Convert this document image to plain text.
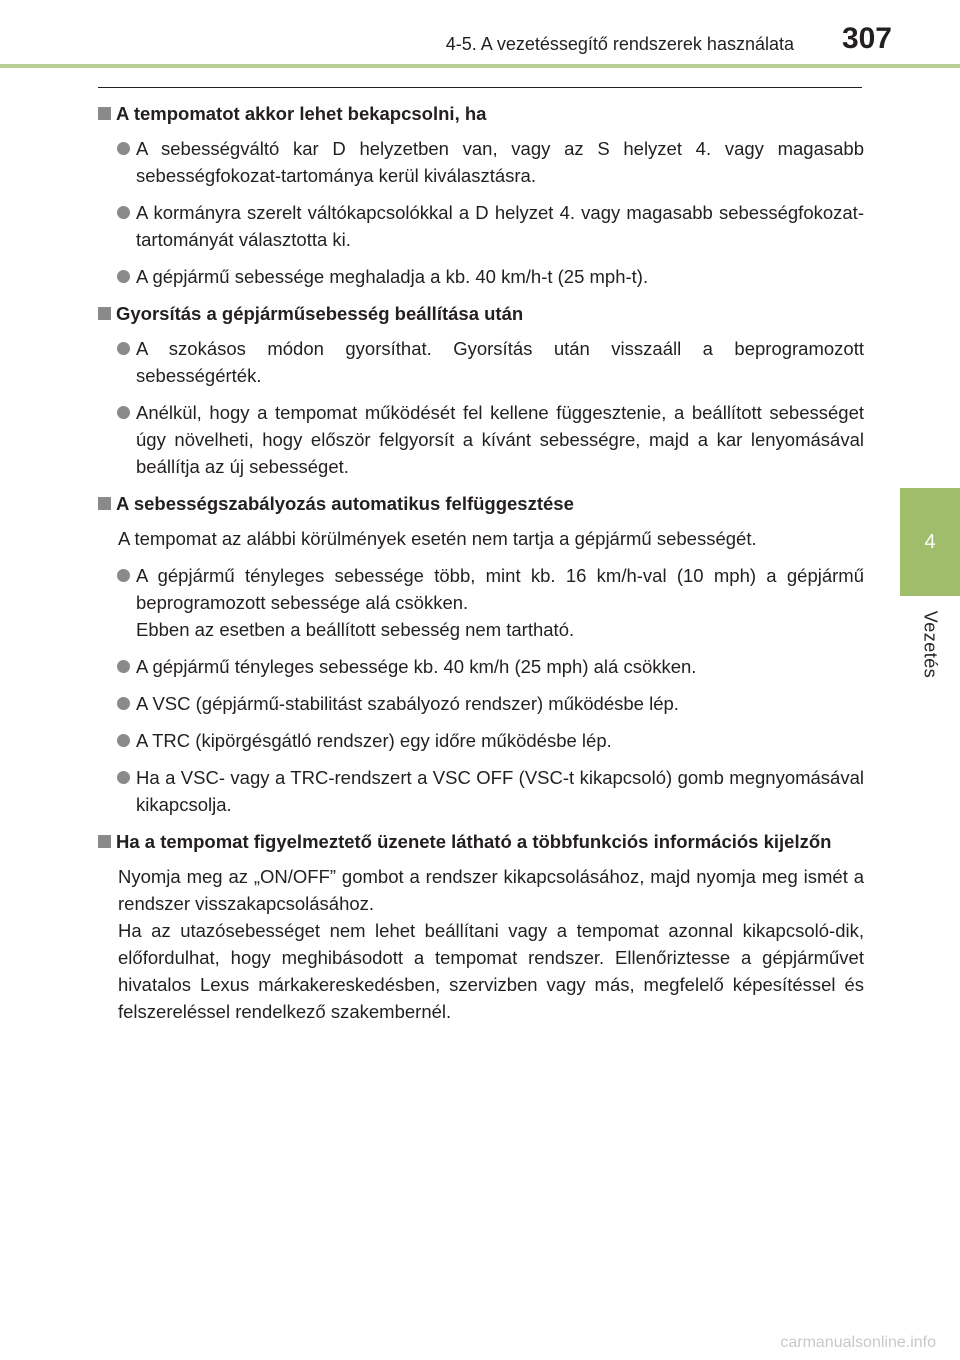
4-5. A vezetéssegítő rendszerek használata 307
4
Vezetés
A tempomatot akkor lehet bekapcsolni, ha
A sebességváltó kar D helyzetben van, vagy az S helyzet 4. vagy magasabb sebességfokozat-tartománya kerül kiválasztásra.
A kormányra szerelt váltókapcsolókkal a D helyzet 4. vagy magasabb sebességfokozat-tartományát választotta ki.
A gépjármű sebessége meghaladja a kb. 40 km/h-t (25 mph-t).
Gyorsítás a gépjárműsebesség beállítása után
A szokásos módon gyorsíthat. Gyorsítás után visszaáll a beprogramozott sebességérték.
Anélkül, hogy a tempomat működését fel kellene függesztenie, a beállított sebességet úgy növelheti, hogy először felgyorsít a kívánt sebességre, majd a kar lenyomásával beállítja az új sebességet.
A sebességszabályozás automatikus felfüggesztése
A tempomat az alábbi körülmények esetén nem tartja a gépjármű sebességét.
A gépjármű tényleges sebessége több, mint kb. 16 km/h-val (10 mph) a gépjármű beprogramozott sebessége alá csökken.
Ebben az esetben a beállított sebesség nem tartható.
A gépjármű tényleges sebessége kb. 40 km/h (25 mph) alá csökken.
A VSC (gépjármű-stabilitást szabályozó rendszer) működésbe lép.
A TRC (kipörgésgátló rendszer) egy időre működésbe lép.
Ha a VSC- vagy a TRC-rendszert a VSC OFF (VSC-t kikapcsoló) gomb megnyomásával kikapcsolja.
Ha a tempomat figyelmeztető üzenete látható a többfunkciós információs kijelzőn
Nyomja meg az „ON/OFF” gombot a rendszer kikapcsolásához, majd nyomja meg ismét a rendszer visszakapcsolásához.
Ha az utazósebességet nem lehet beállítani vagy a tempomat azonnal kikapcsoló-dik, előfordulhat, hogy meghibásodott a tempomat rendszer. Ellenőriztesse a gépjárművet hivatalos Lexus márkakereskedésben, szervizben vagy más, megfelelő képesítéssel és felszereléssel rendelkező szakembernél.
carmanualsonline.info
